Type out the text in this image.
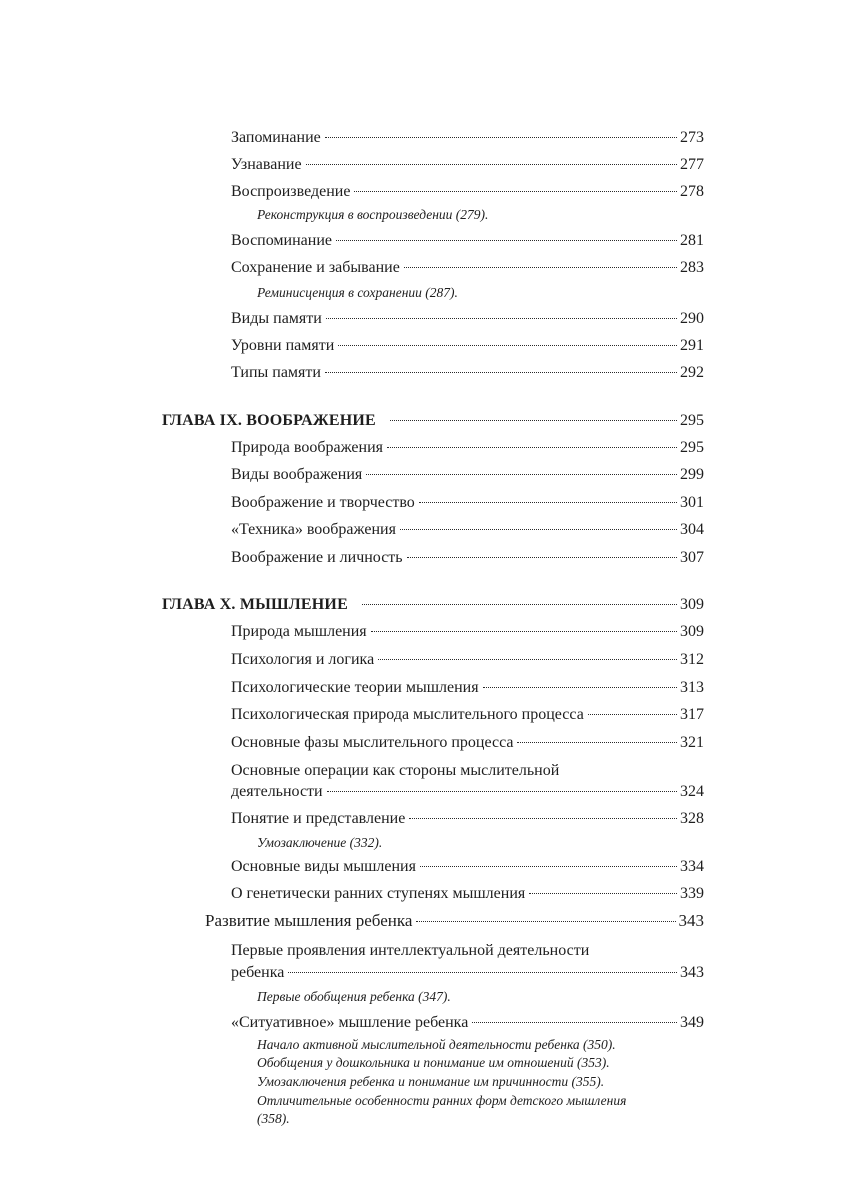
Запоминание	273
Узнавание	277
Воспроизведение	278
Реконструкция в воспроизведении (279).
Воспоминание	281
Сохранение и забывание	283
Реминисценция в сохранении (287).
Виды памяти	290
Уровни памяти	291
Типы памяти	292
ГЛАВА IX. ВООБРАЖЕНИЕ	295
Природа воображения	295
Виды воображения	299
Воображение и творчество	301
«Техника» воображения	304
Воображение и личность	307
ГЛАВА X. МЫШЛЕНИЕ	309
Природа мышления	309
Психология и логика	312
Психологические теории мышления	313
Психологическая природа мыслительного процесса	317
Основные фазы мыслительного процесса	321
Основные операции как стороны мыслительной
деятельности	324
Понятие и представление	328
Умозаключение (332).
Основные виды мышления	334
О генетически ранних ступенях мышления	339
Развитие мышления ребенка	343
Первые проявления интеллектуальной деятельности
ребенка	343
Первые обобщения ребенка (347).
«Ситуативное» мышление ребенка	349
Начало активной мыслительной деятельности ребенка (350).
Обобщения у дошкольника и понимание им отношений (353).
Умозаключения ребенка и понимание им причинности (355).
Отличительные особенности ранних форм детского мышления
(358).
